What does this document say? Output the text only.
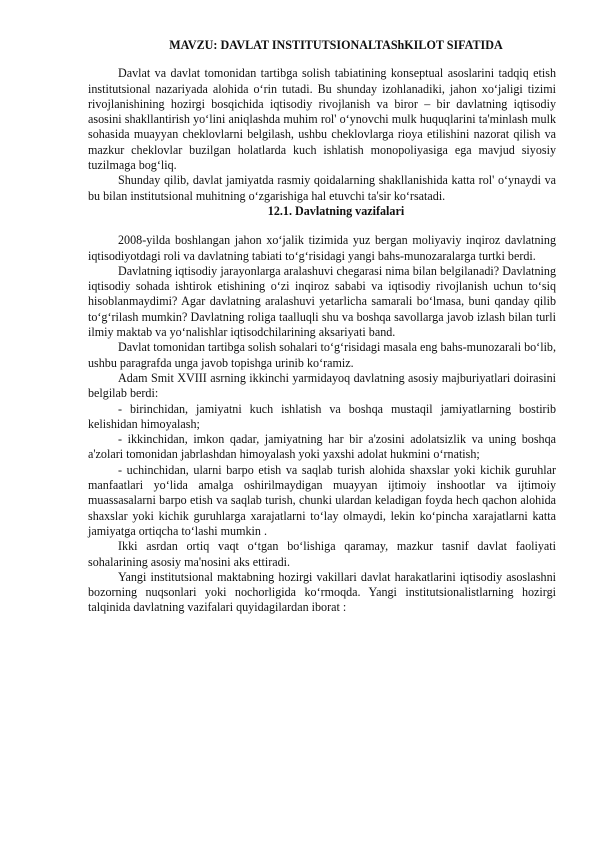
MAVZU: DAVLAT INSTITUTSIONALTAShKILOT SIFATIDA

Davlat va davlat tomonidan tartibga solish tabiatining konseptual asoslarini tadqiq etish institutsional nazariyada alohida oʻrin tutadi. Bu shunday izohlanadiki, jahon xoʻjaligi tizimi rivojlanishining hozirgi bosqichida iqtisodiy rivojlanish va biror – bir davlatning iqtisodiy asosini shakllantirish yoʻlini aniqlashda muhim rol' oʻynovchi mulk huquqlarini ta'minlash mulk sohasida muayyan cheklovlarni belgilash, ushbu cheklovlarga rioya etilishini nazorat qilish va mazkur cheklovlar buzilgan holatlarda kuch ishlatish monopoliyasiga ega mavjud siyosiy tuzilmaga bogʻliq.

Shunday qilib, davlat jamiyatda rasmiy qoidalarning shakllanishida katta rol' oʻynaydi va bu bilan institutsional muhitning oʻzgarishiga hal etuvchi ta'sir koʻrsatadi.

12.1. Davlatning vazifalari

2008-yilda boshlangan jahon xoʻjalik tizimida yuz bergan moliyaviy inqiroz davlatning iqtisodiyotdagi roli va davlatning tabiati toʻgʻrisidagi yangi bahs-munozaralarga turtki berdi.

Davlatning iqtisodiy jarayonlarga aralashuvi chegarasi nima bilan belgilanadi? Davlatning iqtisodiy sohada ishtirok etishining oʻzi inqiroz sababi va iqtisodiy rivojlanish uchun toʻsiq hisoblanmaydimi? Agar davlatning aralashuvi yetarlicha samarali boʻlmasa, buni qanday qilib toʻgʻrilash mumkin? Davlatning roliga taalluqli shu va boshqa savollarga javob izlash bilan turli ilmiy maktab va yoʻnalishlar iqtisodchilarining aksariyati band.

Davlat tomonidan tartibga solish sohalari toʻgʻrisidagi masala eng bahs-munozarali boʻlib, ushbu paragrafda unga javob topishga urinib koʻramiz.

Adam Smit XVIII asrning ikkinchi yarmidayoq davlatning asosiy majburiyatlari doirasini belgilab berdi:

- birinchidan, jamiyatni kuch ishlatish va boshqa mustaqil jamiyatlarning bostirib kelishidan himoyalash;

- ikkinchidan, imkon qadar, jamiyatning har bir a'zosini adolatsizlik va uning boshqa a'zolari tomonidan jabrlashdan himoyalash yoki yaxshi adolat hukmini oʻrnatish;

- uchinchidan, ularni barpo etish va saqlab turish alohida shaxslar yoki kichik guruhlar manfaatlari yoʻlida amalga oshirilmaydigan muayyan ijtimoiy inshootlar va ijtimoiy muassasalarni barpo etish va saqlab turish, chunki ulardan keladigan foyda hech qachon alohida shaxslar yoki kichik guruhlarga xarajatlarni toʻlay olmaydi, lekin koʻpincha xarajatlarni katta jamiyatga ortiqcha toʻlashi mumkin .

Ikki asrdan ortiq vaqt oʻtgan boʻlishiga qaramay, mazkur tasnif davlat faoliyati sohalarining asosiy ma'nosini aks ettiradi.

Yangi institutsional maktabning hozirgi vakillari davlat harakatlarini iqtisodiy asoslashni bozorning nuqsonlari yoki nochorligida koʻrmoqda. Yangi institutsionalistlarning hozirgi talqinida davlatning vazifalari quyidagilardan iborat :
